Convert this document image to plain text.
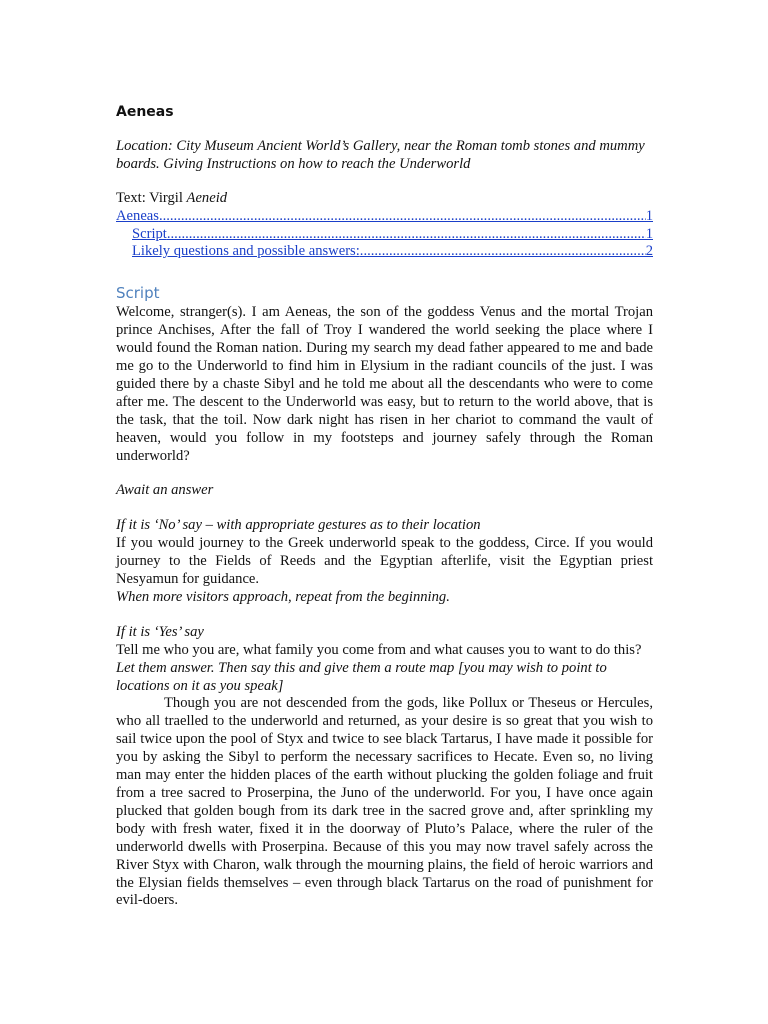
Aeneas

Location: City Museum Ancient World’s Gallery, near the Roman tomb stones and mummy boards. Giving Instructions on how to reach the Underworld

Text: Virgil Aeneid

Aeneas .....	1
Script .....	1
Likely questions and possible answers: .....	2
Script

Welcome, stranger(s). I am Aeneas, the son of the goddess Venus and the mortal Trojan prince Anchises, After the fall of Troy I wandered the world seeking the place where I would found the Roman nation. During my search my dead father appeared to me and bade me go to the Underworld to find him in Elysium in the radiant councils of the just. I was guided there by a chaste Sibyl and he told me about all the descendants who were to come after me. The descent to the Underworld was easy, but to return to the world above, that is the task, that the toil. Now dark night has risen in her chariot to command the vault of heaven, would you follow in my footsteps and journey safely through the Roman underworld?

Await an answer

If it is ‘No’ say – with appropriate gestures as to their location

If you would journey to the Greek underworld speak to the goddess, Circe. If you would journey to the Fields of Reeds and the Egyptian afterlife, visit the Egyptian priest Nesyamun for guidance.

When more visitors approach, repeat from the beginning.

If it is ‘Yes’ say

Tell me who you are, what family you come from and what causes you to want to do this?

Let them answer. Then say this and give them a route map [you may wish to point to locations on it as you speak]

Though you are not descended from the gods, like Pollux or Theseus or Hercules, who all traelled to the underworld and returned, as your desire is so great that you wish to sail twice upon the pool of Styx and twice to see black Tartarus, I have made it possible for you by asking the Sibyl to perform the necessary sacrifices to Hecate. Even so, no living man may enter the hidden places of the earth without plucking the golden foliage and fruit from a tree sacred to Proserpina, the Juno of the underworld. For you, I have once again plucked that golden bough from its dark tree in the sacred grove and, after sprinkling my body with fresh water, fixed it in the doorway of Pluto’s Palace, where the ruler of the underworld dwells with Proserpina. Because of this you may now travel safely across the River Styx with Charon, walk through the mourning plains, the field of heroic warriors and the Elysian fields themselves – even through black Tartarus on the road of punishment for evil-doers.
